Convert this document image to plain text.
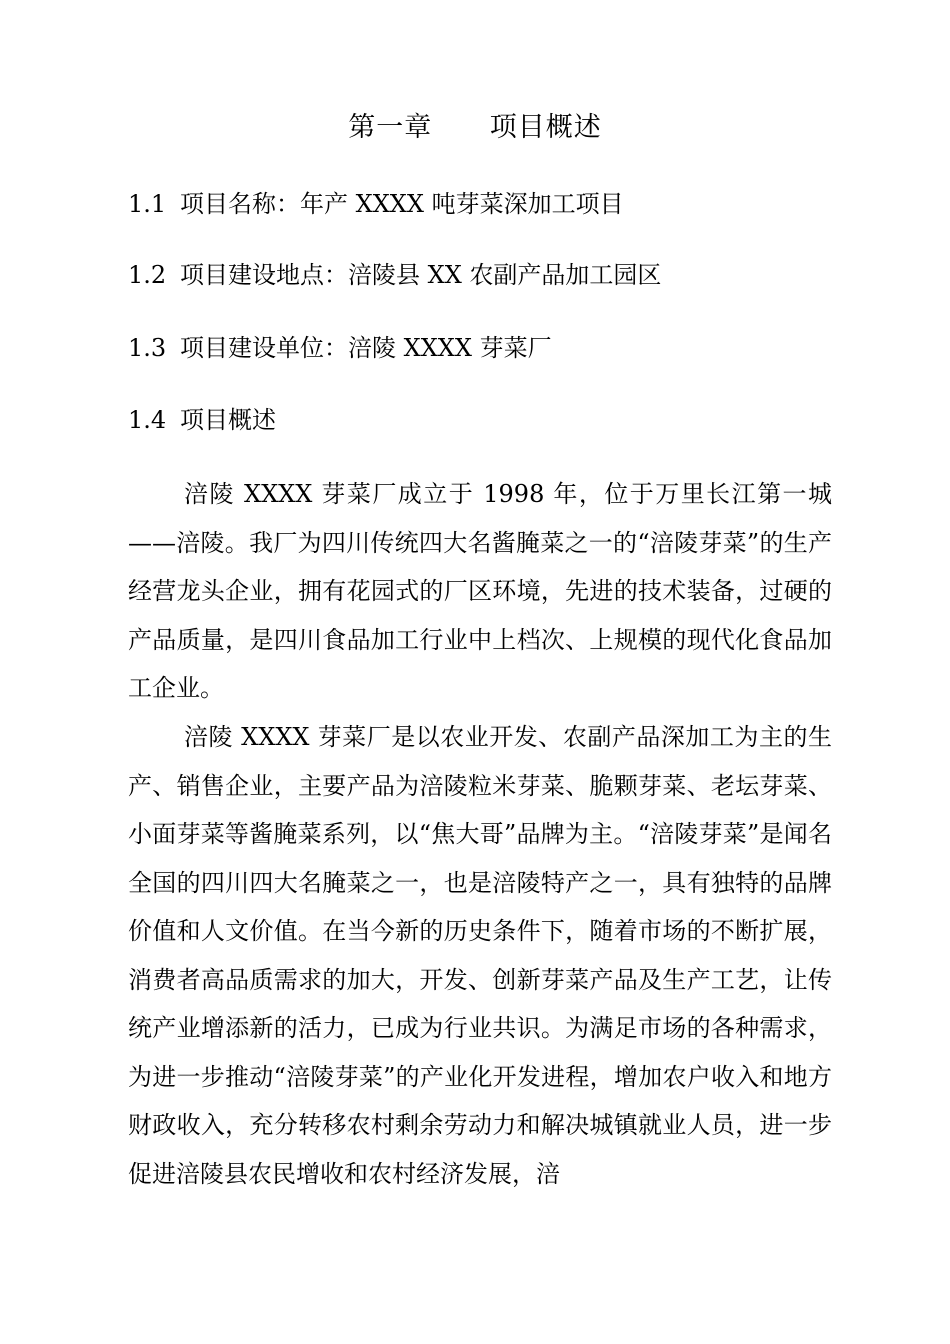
第一章      项目概述
1.1 项目名称：年产 XXXX 吨芽菜深加工项目
1.2 项目建设地点：涪陵县 XX 农副产品加工园区
1.3 项目建设单位：涪陵 XXXX 芽菜厂
1.4 项目概述

涪陵 XXXX 芽菜厂成立于 1998 年，位于万里长江第一城——涪陵。我厂为四川传统四大名酱腌菜之一的“涪陵芽菜”的生产经营龙头企业，拥有花园式的厂区环境，先进的技术装备，过硬的产品质量，是四川食品加工行业中上档次、上规模的现代化食品加工企业。

涪陵 XXXX 芽菜厂是以农业开发、农副产品深加工为主的生产、销售企业，主要产品为涪陵粒米芽菜、脆颗芽菜、老坛芽菜、小面芽菜等酱腌菜系列，以“焦大哥”品牌为主。“涪陵芽菜”是闻名全国的四川四大名腌菜之一，也是涪陵特产之一，具有独特的品牌价值和人文价值。在当今新的历史条件下，随着市场的不断扩展，消费者高品质需求的加大，开发、创新芽菜产品及生产工艺，让传统产业增添新的活力，已成为行业共识。为满足市场的各种需求，为进一步推动“涪陵芽菜”的产业化开发进程，增加农户收入和地方财政收入，充分转移农村剩余劳动力和解决城镇就业人员，进一步促进涪陵县农民增收和农村经济发展，涪
